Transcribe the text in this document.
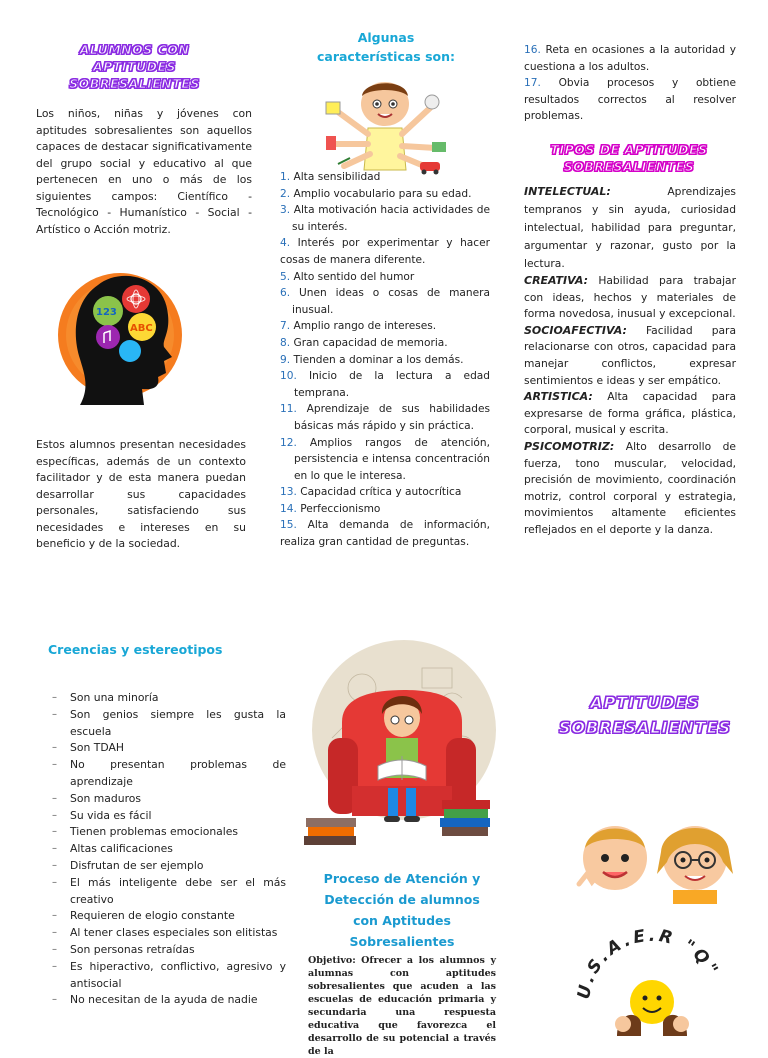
ALUMNOS CON APTITUDES SOBRESALIENTES

Los niños, niñas y jóvenes con aptitudes sobresalientes son aquellos capaces de destacar significativamente del grupo social y educativo al que pertenecen en uno o más de los siguientes campos: Científico - Tecnológico - Humanístico - Social - Artístico o Acción motriz.

123
ABC

Estos alumnos presentan necesidades específicas, además de un contexto facilitador y de esta manera puedan desarrollar sus capacidades personales, satisfaciendo sus necesidades e intereses en su beneficio y de la sociedad.

Algunas características son:
1. Alta sensibilidad
2. Amplio vocabulario para su edad.
3. Alta motivación hacia actividades de su interés.
4. Interés por experimentar y hacer cosas de manera diferente.
5. Alto sentido del humor
6. Unen ideas o cosas de manera inusual.
7. Amplio rango de intereses.
8. Gran capacidad de memoria.
9. Tienden a dominar a los demás.
10. Inicio de la lectura a edad temprana.
11. Aprendizaje de sus habilidades básicas más rápido y sin práctica.
12. Amplios rangos de atención, persistencia e intensa concentración en lo que le interesa.
13. Capacidad crítica y autocrítica
14. Perfeccionismo
15. Alta demanda de información, realiza gran cantidad de preguntas.
16. Reta en ocasiones a la autoridad y cuestiona a los adultos.
17. Obvia procesos y obtiene resultados correctos al resolver problemas.
TIPOS DE APTITUDES SOBRESALIENTES

INTELECTUAL:	Aprendizajes tempranos y sin ayuda, curiosidad intelectual, habilidad para preguntar, argumentar y razonar, gusto por la lectura.

CREATIVA: Habilidad para trabajar con ideas, hechos y materiales de forma novedosa, inusual y excepcional.

SOCIOAFECTIVA: Facilidad para relacionarse con otros, capacidad para manejar conflictos, expresar sentimientos e ideas y ser empático.

ARTISTICA: Alta capacidad para expresarse de forma gráfica, plástica, corporal, musical y escrita.

PSICOMOTRIZ: Alto desarrollo de fuerza, tono muscular, velocidad, precisión de movimiento, coordinación motriz, control corporal y estrategia, movimientos altamente eficientes reflejados en el deporte y la danza.

Creencias y estereotipos
– Son una minoría
– Son genios siempre les gusta la escuela
– Son TDAH
– No presentan problemas de aprendizaje
– Son maduros
– Su vida es fácil
– Tienen problemas emocionales
– Altas calificaciones
– Disfrutan de ser ejemplo
– El más inteligente debe ser el más creativo
– Requieren de elogio constante
– Al tener clases especiales son elitistas
– Son personas retraídas
– Es hiperactivo, conflictivo, agresivo y antisocial
– No necesitan de la ayuda de nadie
Proceso de Atención y Detección de alumnos con Aptitudes Sobresalientes

Objetivo: Ofrecer a los alumnos y alumnas con aptitudes sobresalientes que acuden a las escuelas de educación primaria y secundaria una respuesta educativa que favorezca el desarrollo de su potencial a través de la

APTITUDES SOBRESALIENTES
.S.A.E.R "Q"
